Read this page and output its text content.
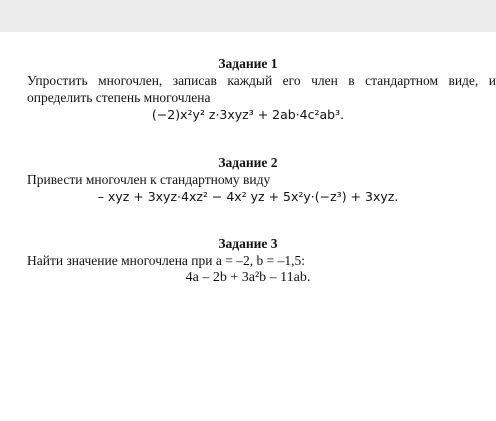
Задание 1
Упростить многочлен, записав каждый его член в стандартном виде, и
определить степень многочлена
(−2)x²y² z·3xyz³ + 2ab·4c²ab³.
Задание 2
Привести многочлен к стандартному виду
– xyz + 3xyz·4xz² − 4x² yz + 5x²y·(−z³) + 3xyz.
Задание 3
Найти значение многочлена при a = –2, b = –1,5:
4a – 2b + 3a²b – 11ab.
